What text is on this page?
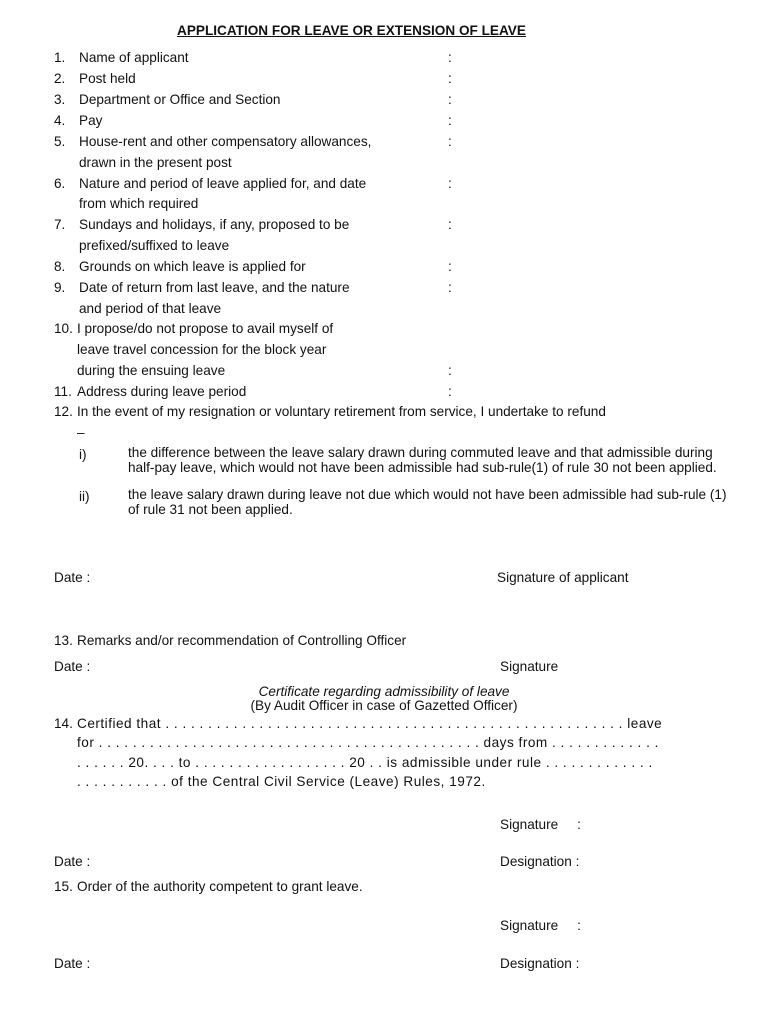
APPLICATION FOR LEAVE OR EXTENSION OF LEAVE
1. Name of applicant	:
2. Post held	:
3. Department or Office and Section	:
4. Pay	:
5. House-rent and other compensatory allowances,	:
drawn in the present post
6. Nature and period of leave applied for, and date	:
from which required
7. Sundays and holidays, if any, proposed to be	:
prefixed/suffixed to leave
8. Grounds on which leave is applied for	:
9. Date of return from last leave, and the nature	:
and period of that leave
10. I propose/do not propose to avail myself of
leave travel concession for the block year
during the ensuing leave	:
11. Address during leave period	:
12. In the event of my resignation or voluntary retirement from service, I undertake to refund
–
i)	the difference between the leave salary drawn during commuted leave and that admissible during half-pay leave, which would not have been admissible had sub-rule(1) of rule 30 not been applied.
ii)	the leave salary drawn during leave not due which would not have been admissible had sub-rule (1) of rule 31 not been applied.
Date :	Signature of applicant
13. Remarks and/or recommendation of Controlling Officer
Date :	Signature
Certificate regarding admissibility of leave
(By Audit Officer in case of Gazetted Officer)
14. Certified that . . . . . . . . . . . . . . . . . . . . . . . . . . . . . . . . . . . . . . . . . . . . . . . . . . . . . . leave
for . . . . . . . . . . . . . . . . . . . . . . . . . . . . . . . . . . . . . . . . . . . . . days from . . . . . . . . . . . . .
. . . . . . 20. . . . to . . . . . . . . . . . . . . . . . . 20 . . is admissible under rule . . . . . . . . . . . . .
. . . . . . . . . . . of the Central Civil Service (Leave) Rules, 1972.
Signature     :
Date :	Designation :
15. Order of the authority competent to grant leave.
Signature     :
Date :	Designation :
